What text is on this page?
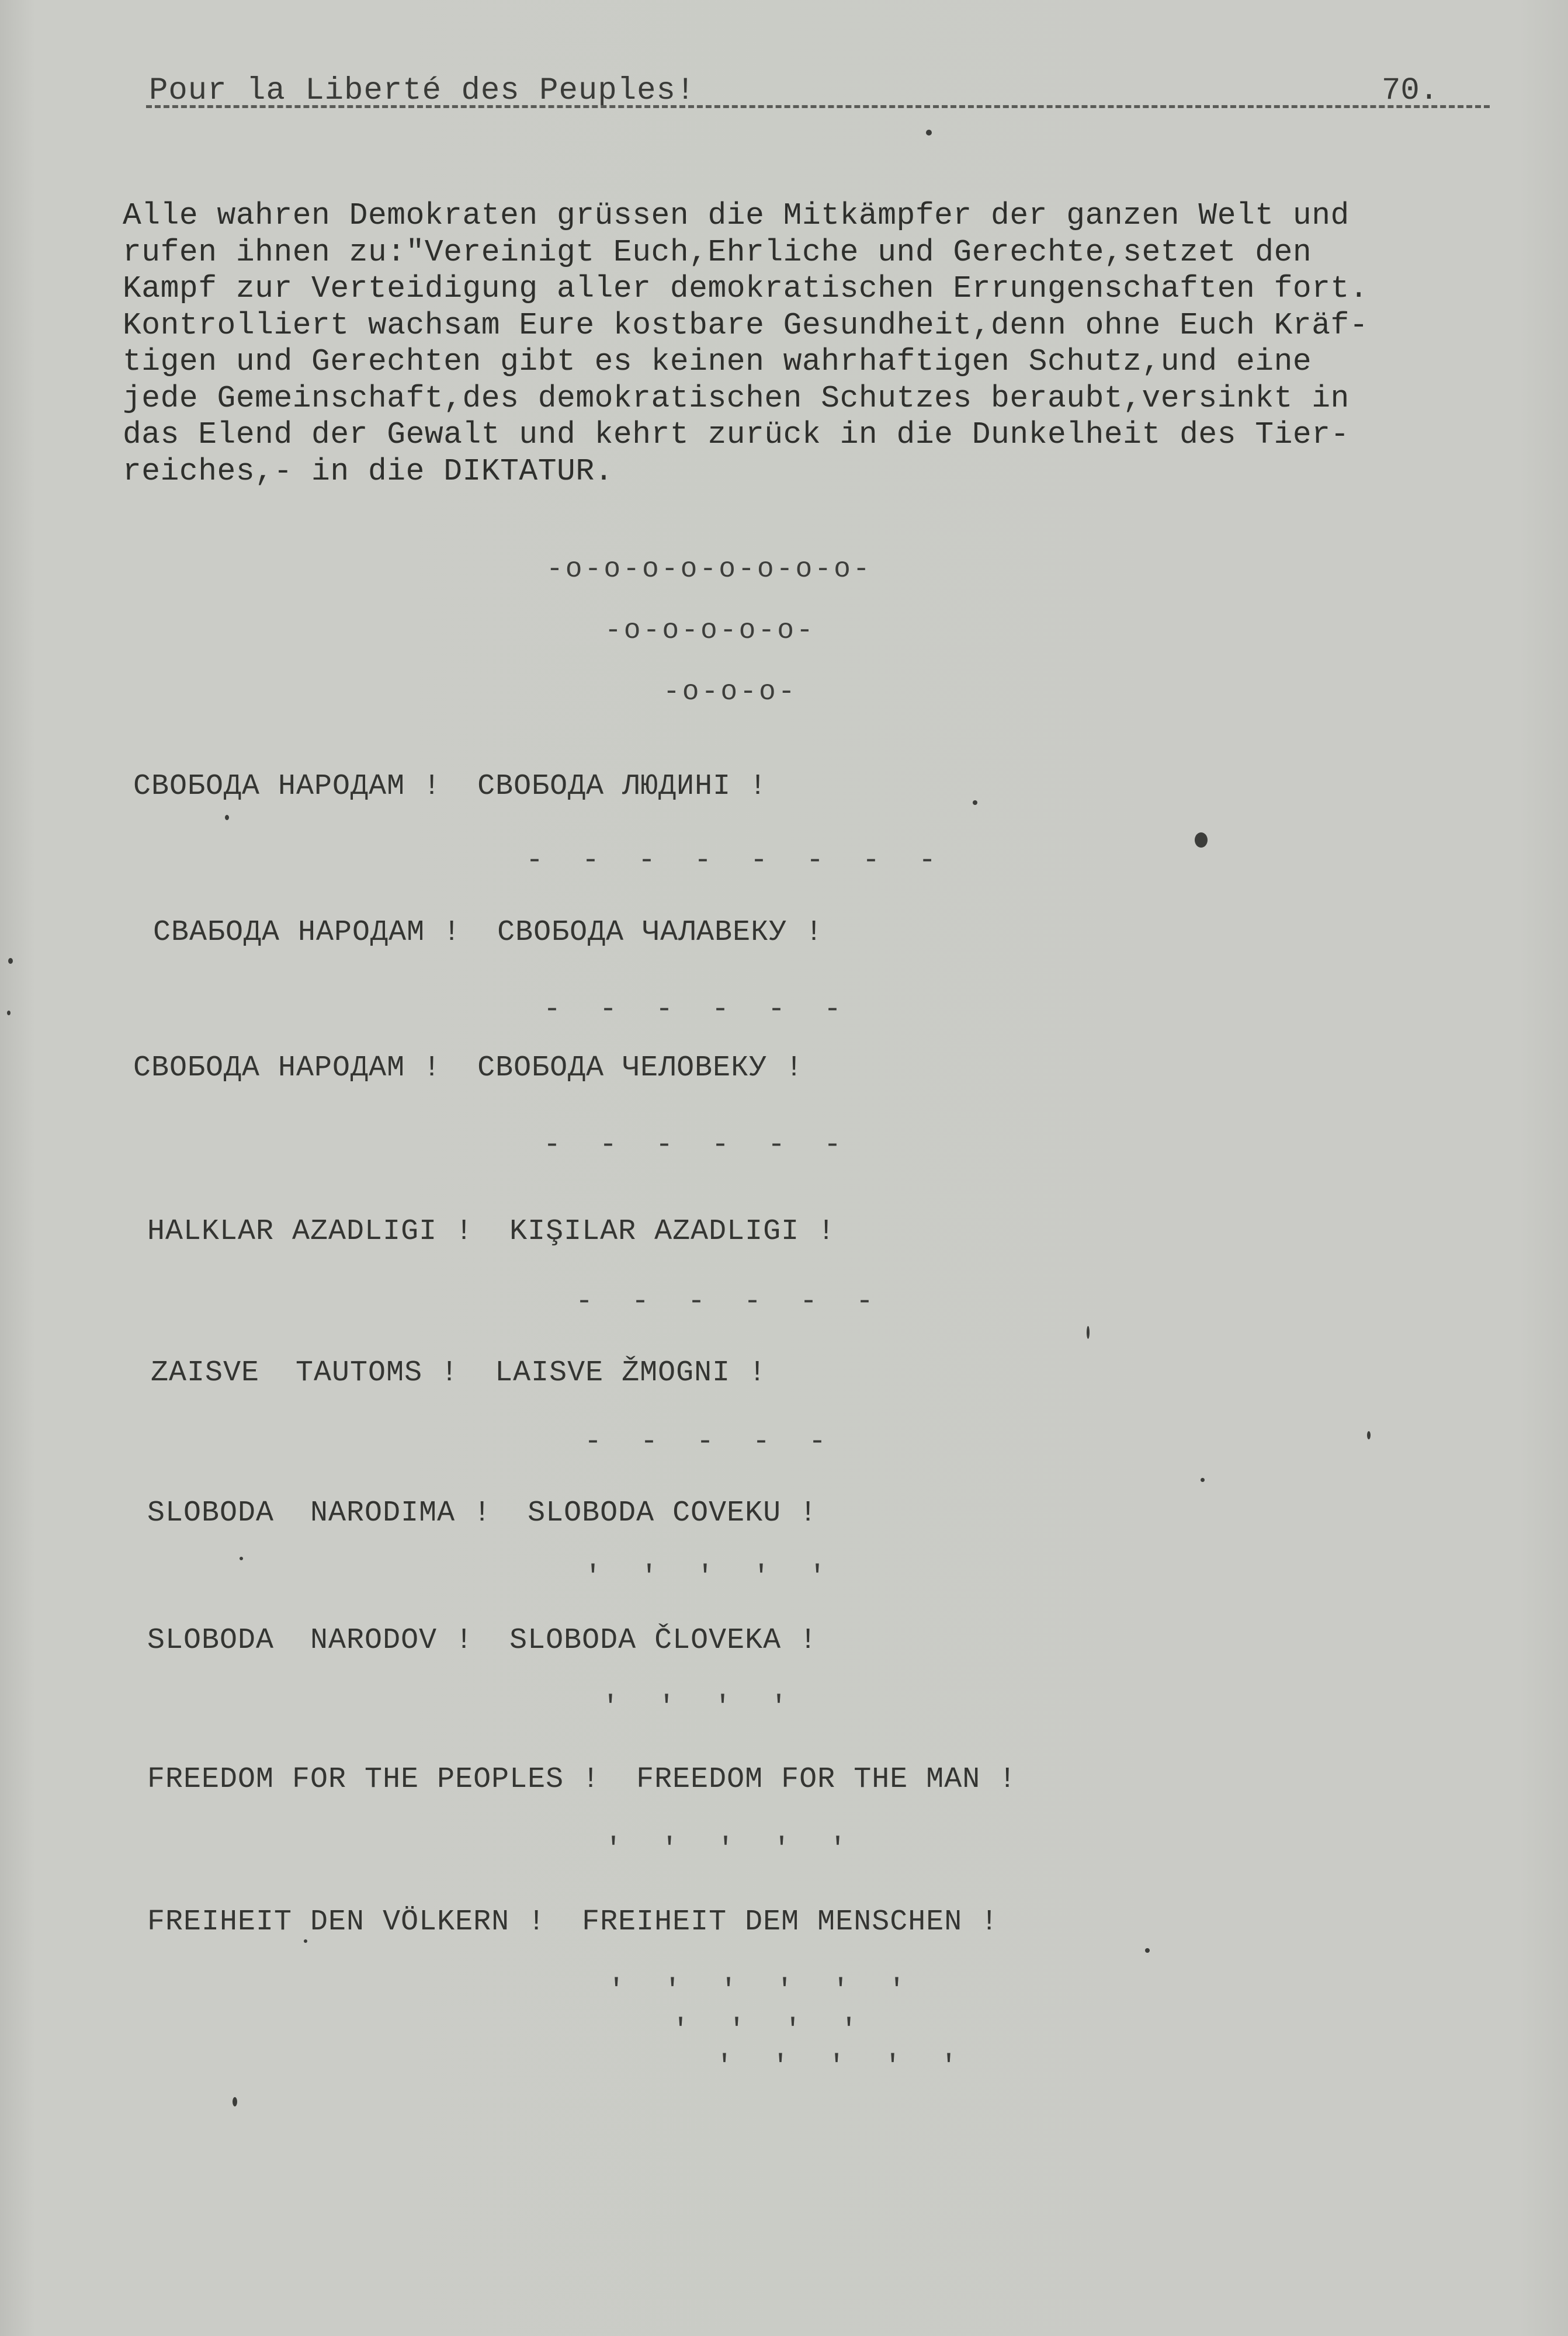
Pour la Liberté des Peuples!	70.
Alle wahren Demokraten grüssen die Mitkämpfer der ganzen Welt und
rufen ihnen zu:"Vereinigt Euch,Ehrliche und Gerechte,setzet den
Kampf zur Verteidigung aller demokratischen Errungenschaften fort.
Kontrolliert wachsam Eure kostbare Gesundheit,denn ohne Euch Kräf-
tigen und Gerechten gibt es keinen wahrhaftigen Schutz,und eine
jede Gemeinschaft,des demokratischen Schutzes beraubt,versinkt in
das Elend der Gewalt und kehrt zurück in die Dunkelheit des Tier-
reiches,- in die DIKTATUR.
-o-o-o-o-o-o-o-o-
-o-o-o-o-o-
-o-o-o-
СВОБОДА НАРОДАМ !  СВОБОДА ЛЮДИНІ !
- - - - - - - -
СВАБОДА НАРОДАМ !  СВОБОДА ЧАЛАВЕКУ !
- - - - - -
СВОБОДА НАРОДАМ !  СВОБОДА ЧЕЛОВЕКУ !
- - - - - -
HALKLAR AZADLIGI !  KIŞILAR AZADLIGI !
- - - - - -
ZAISVE  TAUTOMS !  LAISVE ŽMOGNI !
- - - - -
SLOBODA  NARODIMA !  SLOBODA COVEKU !
' ' ' ' '
SLOBODA  NARODOV !  SLOBODA ČLOVEKA !
' ' ' '
FREEDOM FOR THE PEOPLES !  FREEDOM FOR THE MAN !
' ' ' ' '
FREIHEIT DEN VÖLKERN !  FREIHEIT DEM MENSCHEN !
' ' ' ' ' '
' ' ' '
' ' ' ' '
